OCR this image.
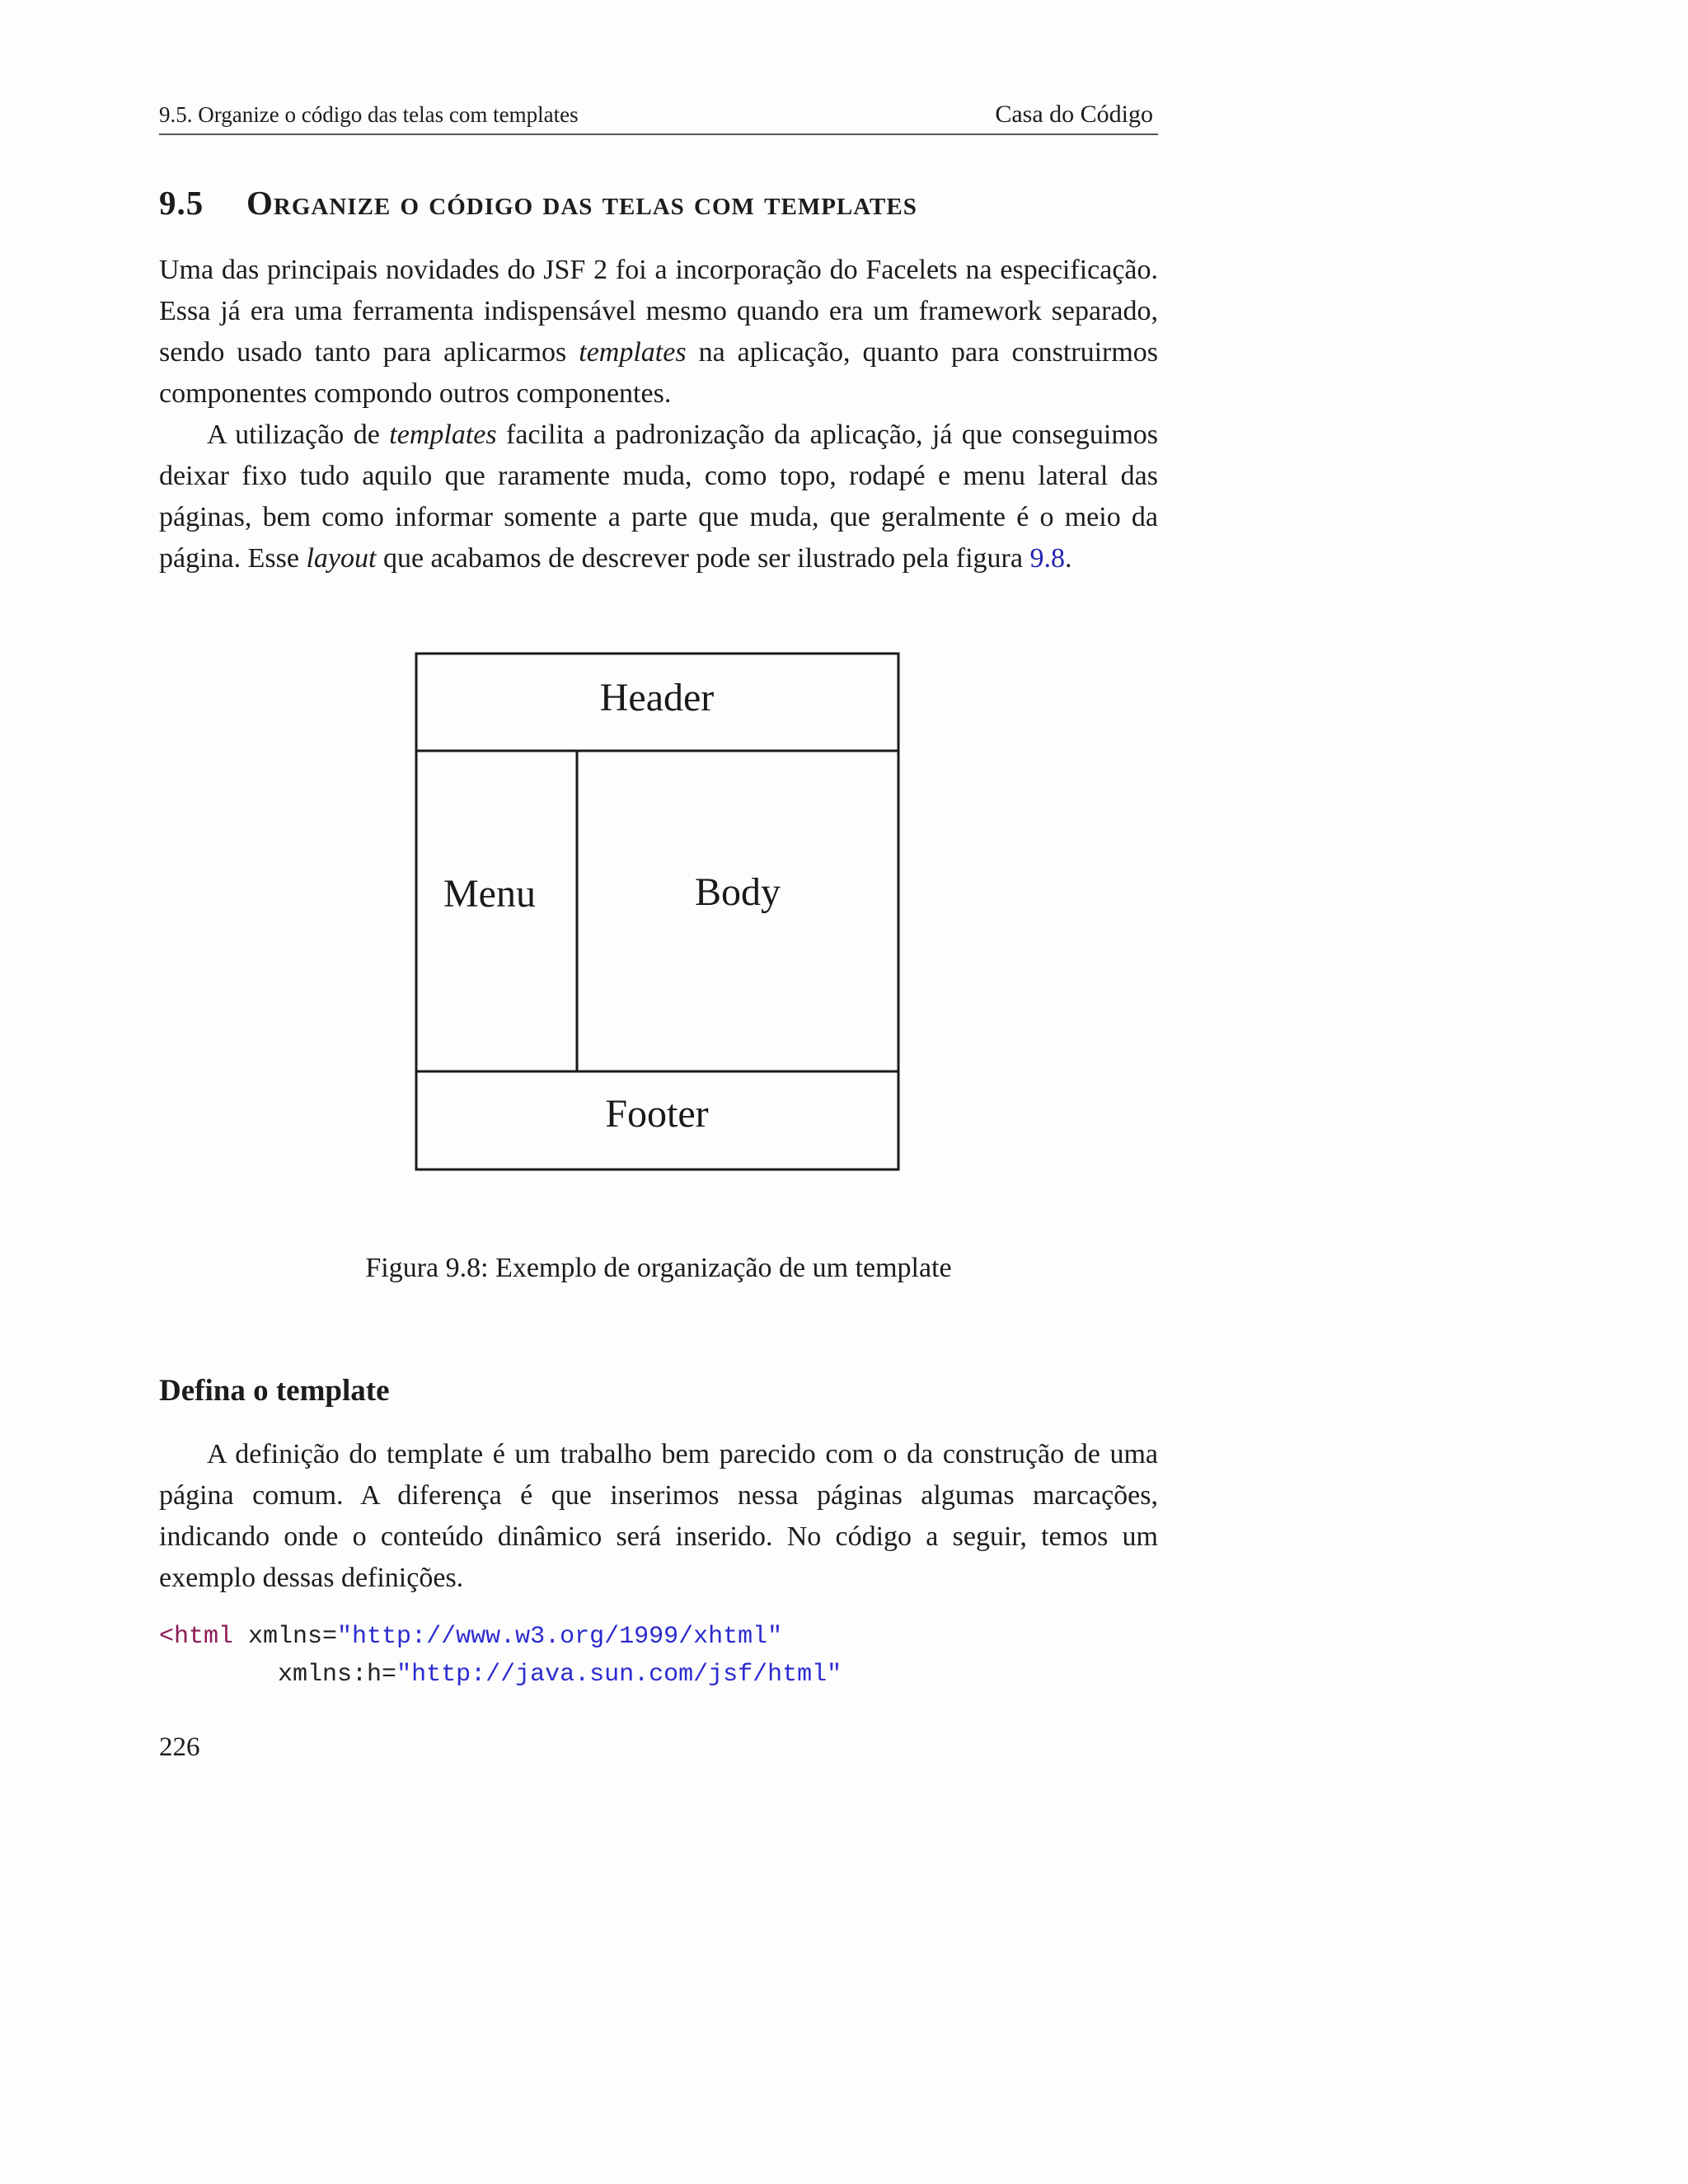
9.5. Organize o código das telas com templates	Casa do Código
9.5 Organize o código das telas com templates

Uma das principais novidades do JSF 2 foi a incorporação do Facelets na especificação. Essa já era uma ferramenta indispensável mesmo quando era um framework separado, sendo usado tanto para aplicarmos templates na aplicação, quanto para construirmos componentes compondo outros componentes.

A utilização de templates facilita a padronização da aplicação, já que conseguimos deixar fixo tudo aquilo que raramente muda, como topo, rodapé e menu lateral das páginas, bem como informar somente a parte que muda, que geralmente é o meio da página. Esse layout que acabamos de descrever pode ser ilustrado pela figura 9.8.

Header
Menu	Body
Footer
Figura 9.8: Exemplo de organização de um template
Defina o template

A definição do template é um trabalho bem parecido com o da construção de uma página comum. A diferença é que inserimos nessa páginas algumas marcações, indicando onde o conteúdo dinâmico será inserido. No código a seguir, temos um exemplo dessas definições.

<html xmlns="http://www.w3.org/1999/xhtml"
xmlns:h="http://java.sun.com/jsf/html"
226
